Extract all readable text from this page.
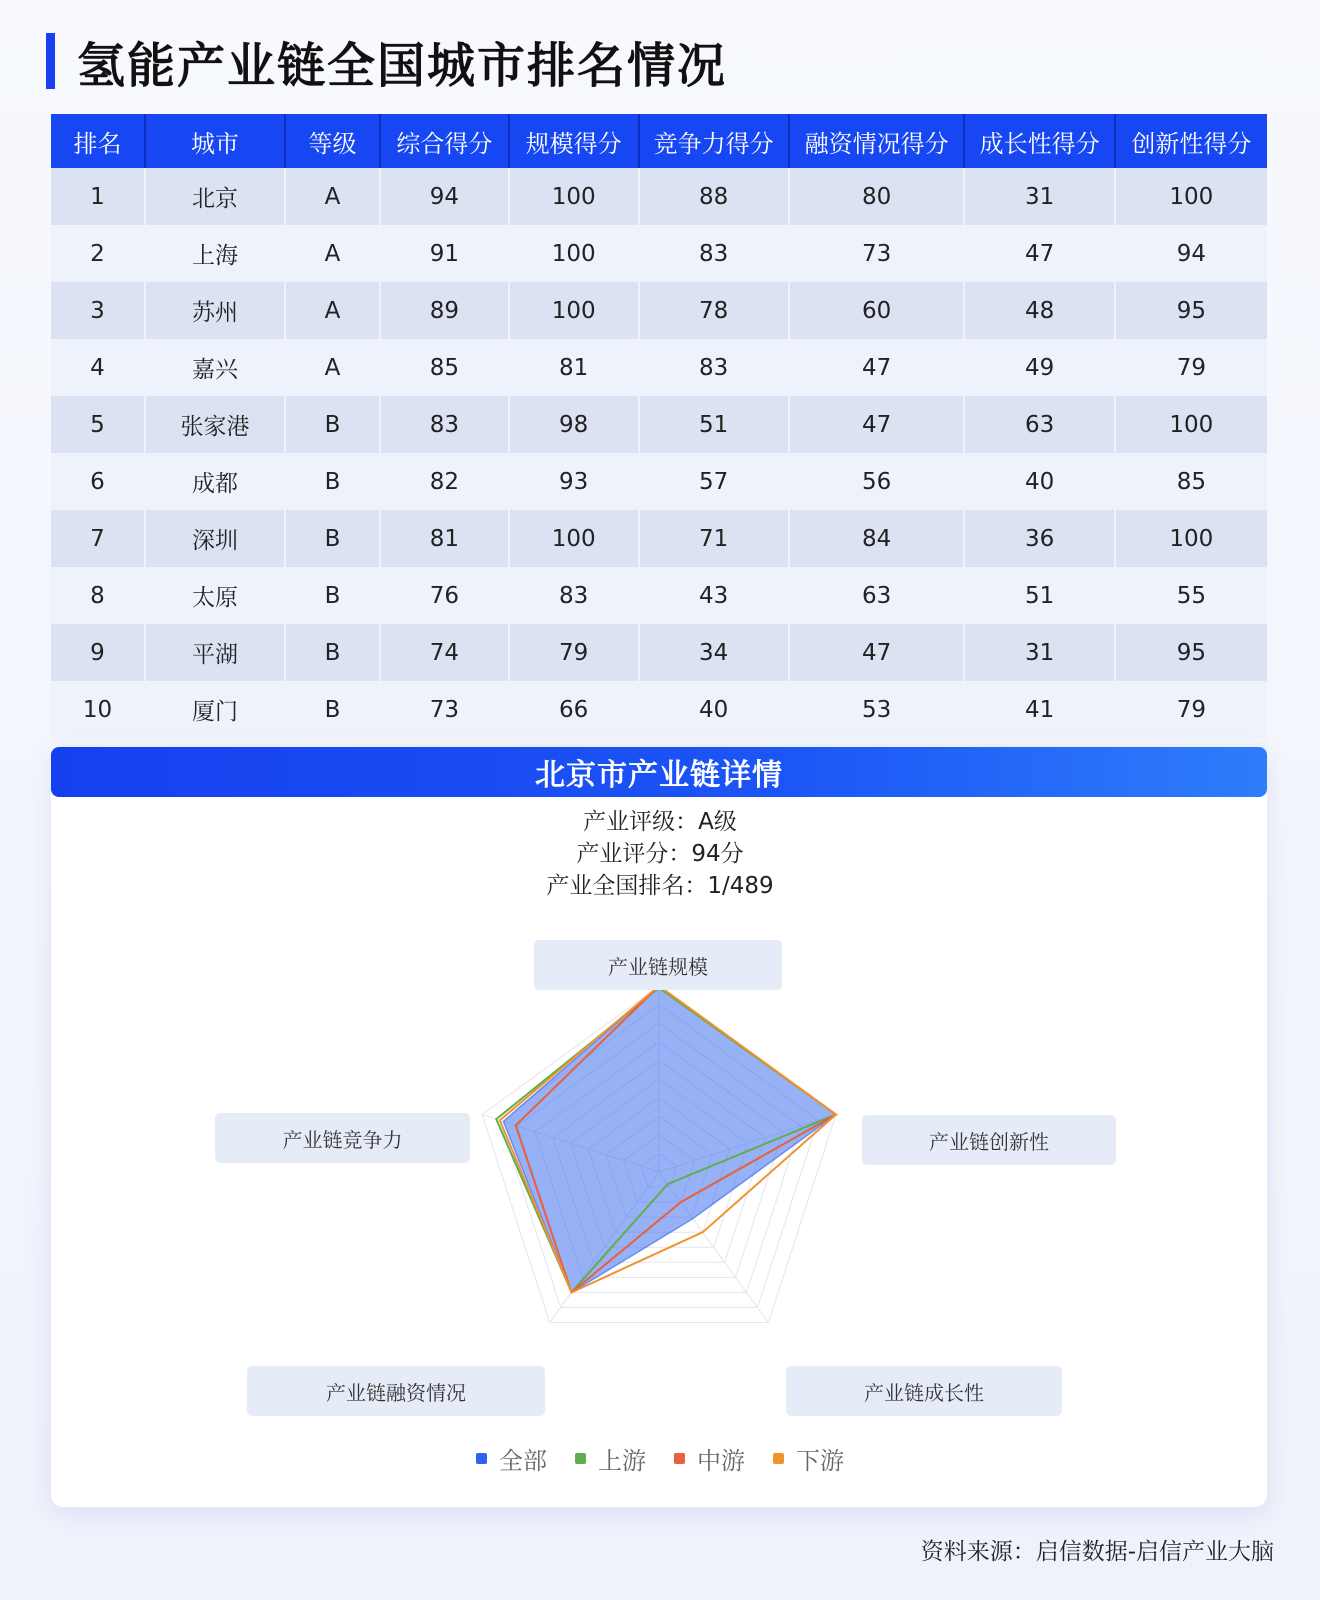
氢能产业链全国城市排名情况
排名	城市	等级	综合得分	规模得分	竞争力得分	融资情况得分	成长性得分	创新性得分
1	北京	A	94	100	88	80	31	100
2	上海	A	91	100	83	73	47	94
3	苏州	A	89	100	78	60	48	95
4	嘉兴	A	85	81	83	47	49	79
5	张家港	B	83	98	51	47	63	100
6	成都	B	82	93	57	56	40	85
7	深圳	B	81	100	71	84	36	100
8	太原	B	76	83	43	63	51	55
9	平湖	B	74	79	34	47	31	95
10	厦门	B	73	66	40	53	41	79
北京市产业链详情
产业评级：A级
产业评分：94分
产业全国排名：1/489
产业链规模
产业链创新性
产业链成长性
产业链融资情况
产业链竞争力
全部 上游 中游 下游
资料来源：启信数据-启信产业大脑
